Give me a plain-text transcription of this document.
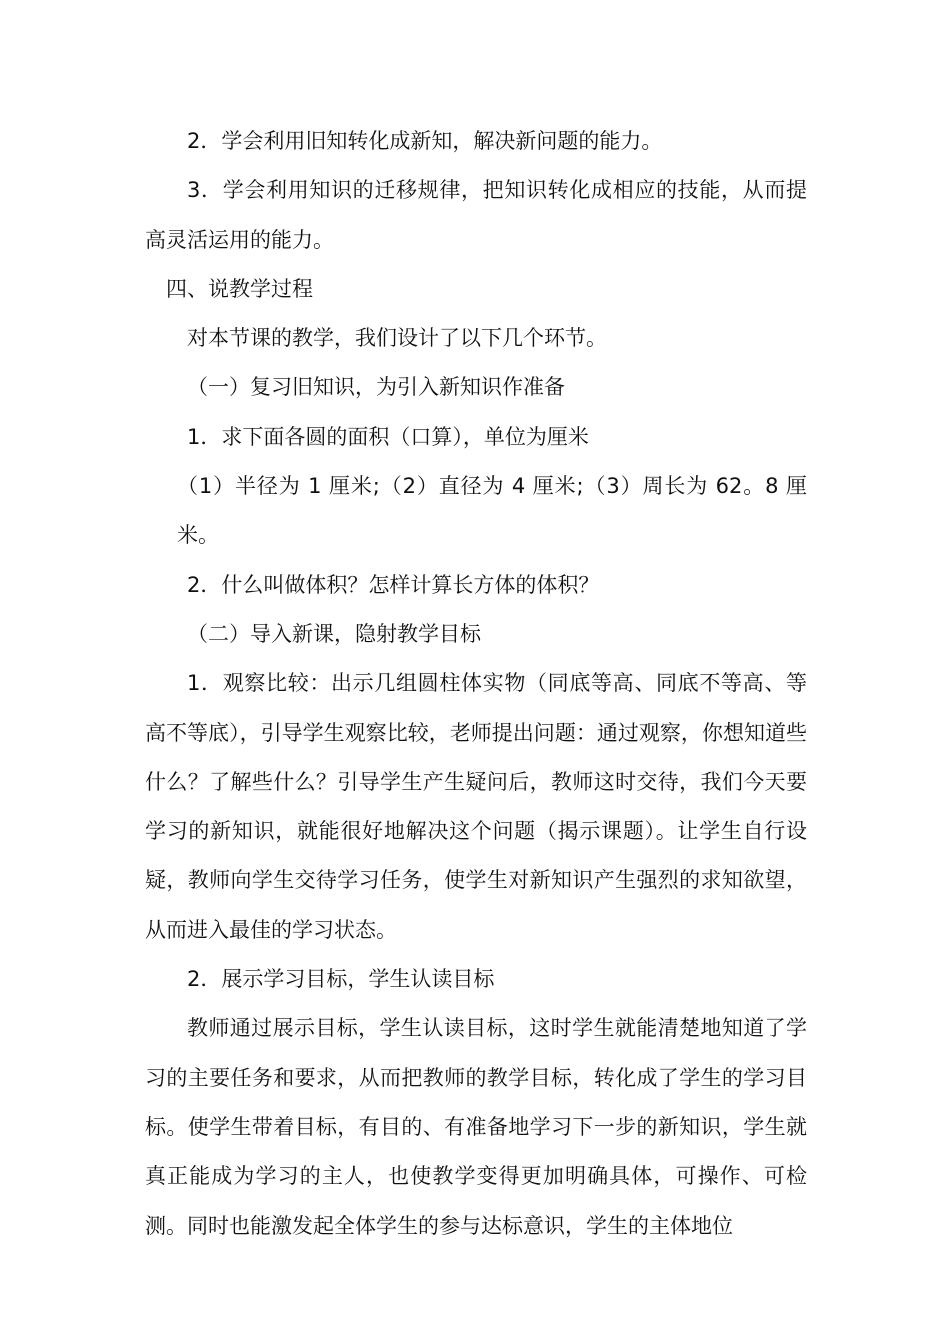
2．学会利用旧知转化成新知，解决新问题的能力。

3．学会利用知识的迁移规律，把知识转化成相应的技能，从而提高灵活运用的能力。

四、说教学过程

对本节课的教学，我们设计了以下几个环节。

（一）复习旧知识，为引入新知识作准备

1．求下面各圆的面积（口算），单位为厘米

（1）半径为 1 厘米;（2）直径为 4 厘米;（3）周长为 62。8 厘米。

2．什么叫做体积？怎样计算长方体的体积？

（二）导入新课，隐射教学目标

1．观察比较：出示几组圆柱体实物（同底等高、同底不等高、等高不等底），引导学生观察比较，老师提出问题：通过观察，你想知道些什么？了解些什么？引导学生产生疑问后，教师这时交待，我们今天要学习的新知识，就能很好地解决这个问题（揭示课题）。让学生自行设疑，教师向学生交待学习任务，使学生对新知识产生强烈的求知欲望，从而进入最佳的学习状态。

2．展示学习目标，学生认读目标

教师通过展示目标，学生认读目标，这时学生就能清楚地知道了学习的主要任务和要求，从而把教师的教学目标，转化成了学生的学习目标。使学生带着目标，有目的、有准备地学习下一步的新知识，学生就真正能成为学习的主人，也使教学变得更加明确具体，可操作、可检测。同时也能激发起全体学生的参与达标意识，学生的主体地位
